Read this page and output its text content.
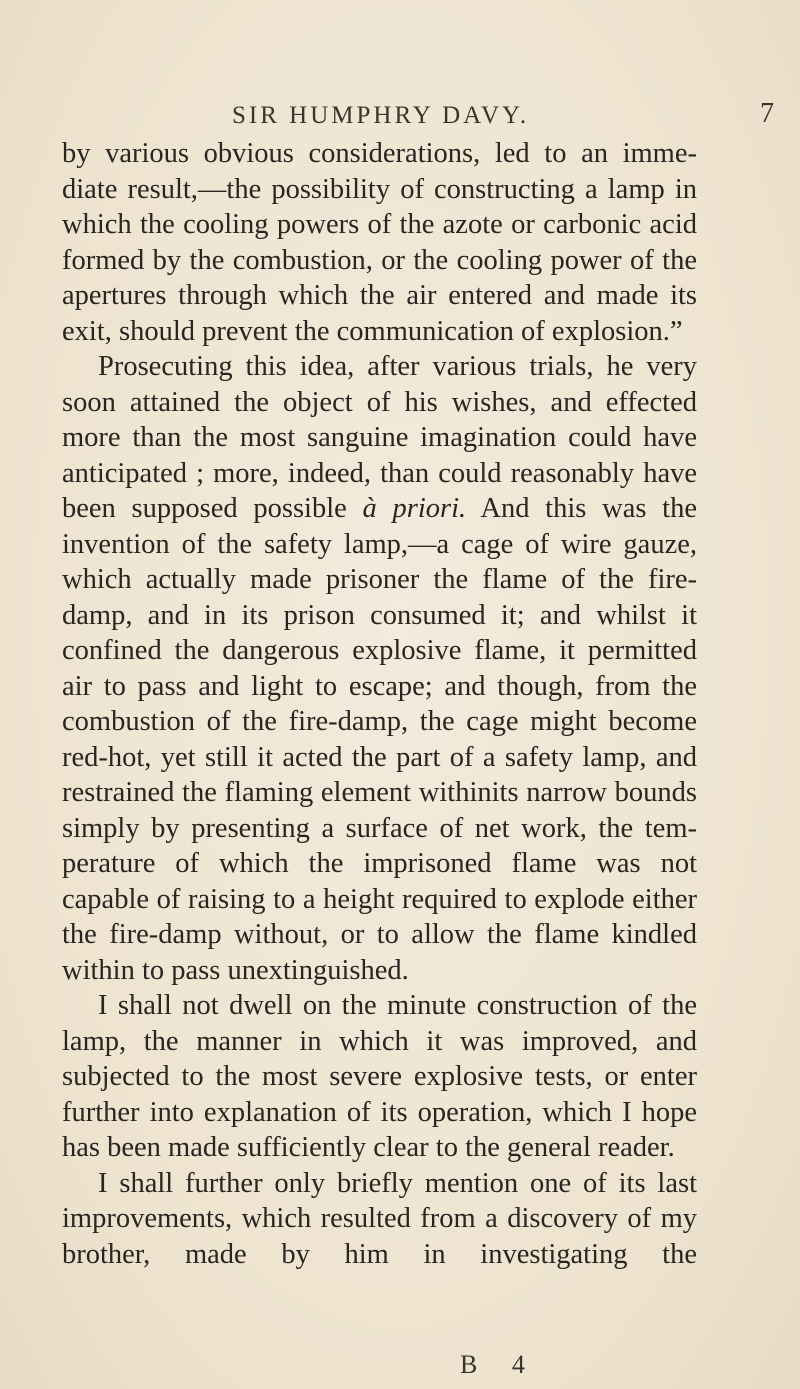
SIR HUMPHRY DAVY.	7

by various obvious considerations, led to an imme-diate result,—the possibility of constructing a lamp in which the cooling powers of the azote or carbonic acid formed by the combustion, or the cooling power of the apertures through which the air entered and made its exit, should prevent the communication of explosion.”

Prosecuting this idea, after various trials, he very soon attained the object of his wishes, and effected more than the most sanguine imagination could have anticipated ; more, indeed, than could reasonably have been supposed possible à priori. And this was the invention of the safety lamp,—a cage of wire gauze, which actually made prisoner the flame of the fire-damp, and in its prison consumed it; and whilst it confined the dangerous explosive flame, it permitted air to pass and light to escape; and though, from the combustion of the fire-damp, the cage might become red-hot, yet still it acted the part of a safety lamp, and restrained the flaming element withinits narrow bounds simply by presenting a surface of net work, the tem-perature of which the imprisoned flame was not capable of raising to a height required to explode either the fire-damp without, or to allow the flame kindled within to pass unextinguished.

I shall not dwell on the minute construction of the lamp, the manner in which it was improved, and subjected to the most severe explosive tests, or enter further into explanation of its operation, which I hope has been made sufficiently clear to the general reader.

I shall further only briefly mention one of its last improvements, which resulted from a discovery of my brother, made by him in investigating the

B 4
